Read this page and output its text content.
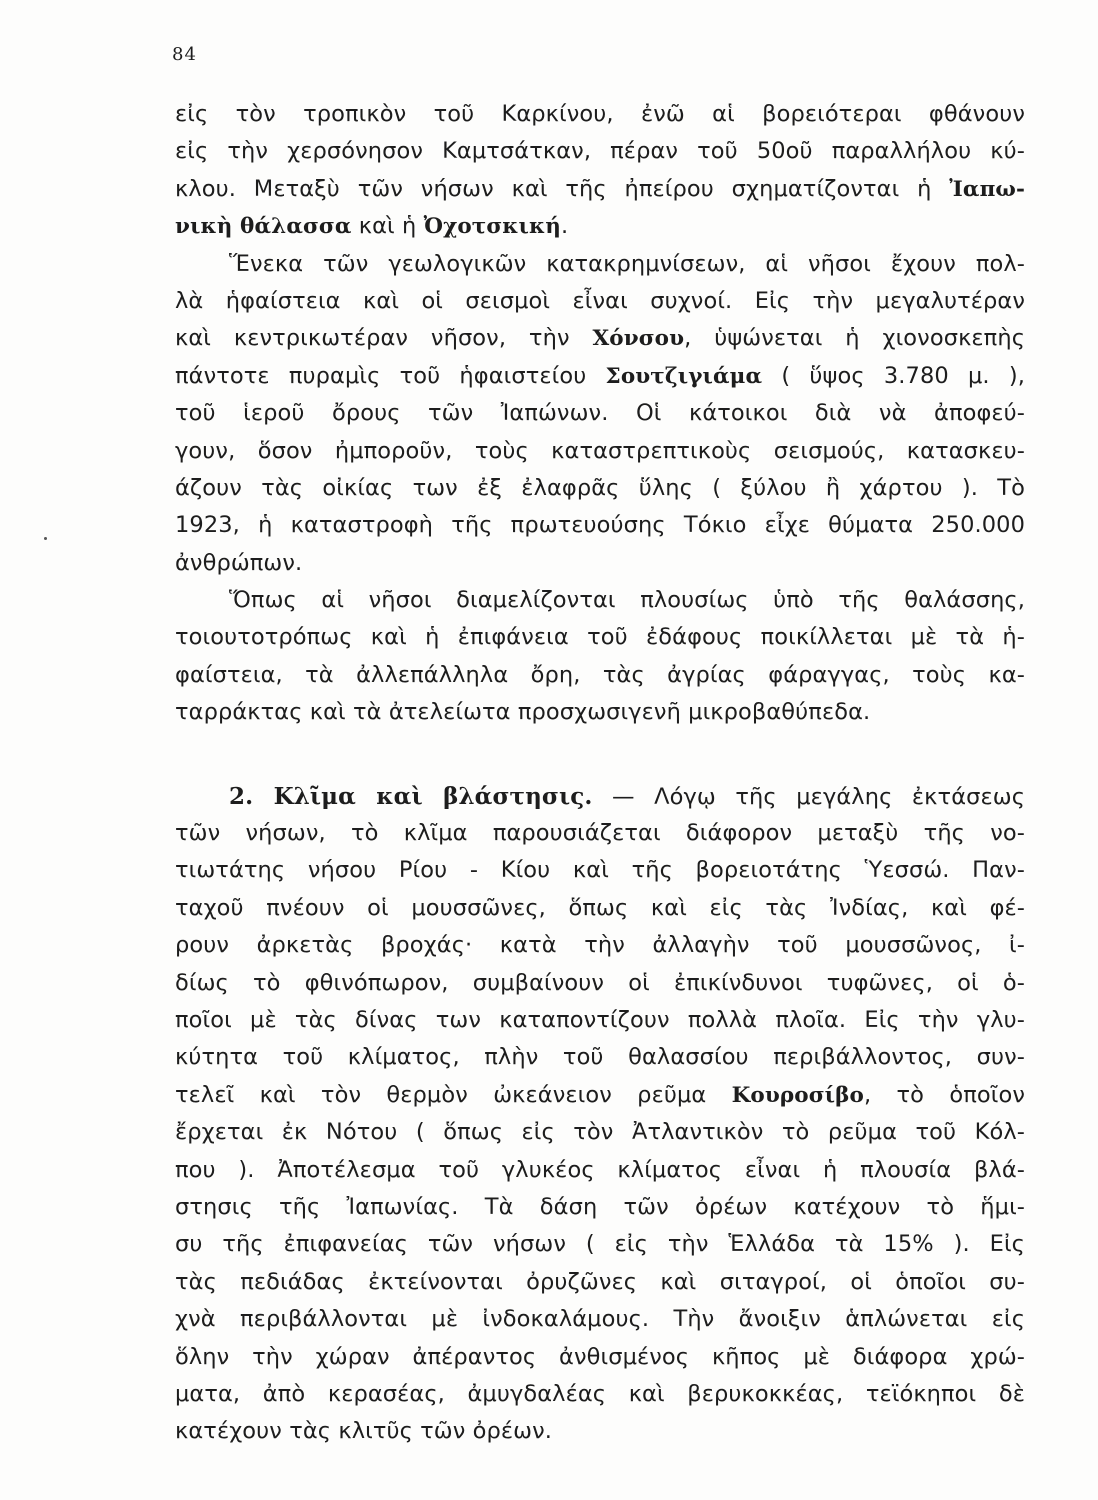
84
εἰς τὸν τροπικὸν τοῦ Καρκίνου, ἐνῶ αἱ βορειότεραι φθάνουν
εἰς τὴν χερσόνησον Καμτσάτκαν, πέραν τοῦ 50οῦ παραλλήλου κύ-
κλου. Μεταξὺ τῶν νήσων καὶ τῆς ἠπείρου σχηματίζονται ἡ Ἰαπω-
νικὴ θάλασσα καὶ ἡ Ὀχοτσκική.
Ἕνεκα τῶν γεωλογικῶν κατακρημνίσεων, αἱ νῆσοι ἔχουν πολ-
λὰ ἡφαίστεια καὶ οἱ σεισμοὶ εἶναι συχνοί. Εἰς τὴν μεγαλυτέραν
καὶ κεντρικωτέραν νῆσον, τὴν Χόνσου, ὑψώνεται ἡ χιονοσκεπὴς
πάντοτε πυραμὶς τοῦ ἡφαιστείου Σουτζιγιάμα ( ὕψος 3.780 μ. ),
τοῦ ἱεροῦ ὄρους τῶν Ἰαπώνων. Οἱ κάτοικοι διὰ νὰ ἀποφεύ-
γουν, ὅσον ἠμποροῦν, τοὺς καταστρεπτικοὺς σεισμούς, κατασκευ-
άζουν τὰς οἰκίας των ἐξ ἐλαφρᾶς ὕλης ( ξύλου ἢ χάρτου ). Τὸ
1923, ἡ καταστροφὴ τῆς πρωτευούσης Τόκιο εἶχε θύματα 250.000
ἀνθρώπων.
Ὅπως αἱ νῆσοι διαμελίζονται πλουσίως ὑπὸ τῆς θαλάσσης,
τοιουτοτρόπως καὶ ἡ ἐπιφάνεια τοῦ ἐδάφους ποικίλλεται μὲ τὰ ἡ-
φαίστεια, τὰ ἀλλεπάλληλα ὄρη, τὰς ἀγρίας φάραγγας, τοὺς κα-
ταρράκτας καὶ τὰ ἀτελείωτα προσχωσιγενῆ μικροβαθύπεδα.
2. Κλῖμα καὶ βλάστησις. — Λόγῳ τῆς μεγάλης ἐκτάσεως
τῶν νήσων, τὸ κλῖμα παρουσιάζεται διάφορον μεταξὺ τῆς νο-
τιωτάτης νήσου Ρίου - Κίου καὶ τῆς βορειοτάτης Ὑεσσώ. Παν-
ταχοῦ πνέουν οἱ μουσσῶνες, ὅπως καὶ εἰς τὰς Ἰνδίας, καὶ φέ-
ρουν ἀρκετὰς βροχάς· κατὰ τὴν ἀλλαγὴν τοῦ μουσσῶνος, ἰ-
δίως τὸ φθινόπωρον, συμβαίνουν οἱ ἐπικίνδυνοι τυφῶνες, οἱ ὁ-
ποῖοι μὲ τὰς δίνας των καταποντίζουν πολλὰ πλοῖα. Εἰς τὴν γλυ-
κύτητα τοῦ κλίματος, πλὴν τοῦ θαλασσίου περιβάλλοντος, συν-
τελεῖ καὶ τὸν θερμὸν ὠκεάνειον ρεῦμα Κουροσίβο, τὸ ὁποῖον
ἔρχεται ἐκ Νότου ( ὅπως εἰς τὸν Ἀτλαντικὸν τὸ ρεῦμα τοῦ Κόλ-
που ). Ἀποτέλεσμα τοῦ γλυκέος κλίματος εἶναι ἡ πλουσία βλά-
στησις τῆς Ἰαπωνίας. Τὰ δάση τῶν ὀρέων κατέχουν τὸ ἥμι-
συ τῆς ἐπιφανείας τῶν νήσων ( εἰς τὴν Ἑλλάδα τὰ 15% ). Εἰς
τὰς πεδιάδας ἐκτείνονται ὀρυζῶνες καὶ σιταγροί, οἱ ὁποῖοι συ-
χνὰ περιβάλλονται μὲ ἰνδοκαλάμους. Τὴν ἄνοιξιν ἁπλώνεται εἰς
ὅλην τὴν χώραν ἀπέραντος ἀνθισμένος κῆπος μὲ διάφορα χρώ-
ματα, ἀπὸ κερασέας, ἀμυγδαλέας καὶ βερυκοκκέας, τεϊόκηποι δὲ
κατέχουν τὰς κλιτῦς τῶν ὀρέων.
